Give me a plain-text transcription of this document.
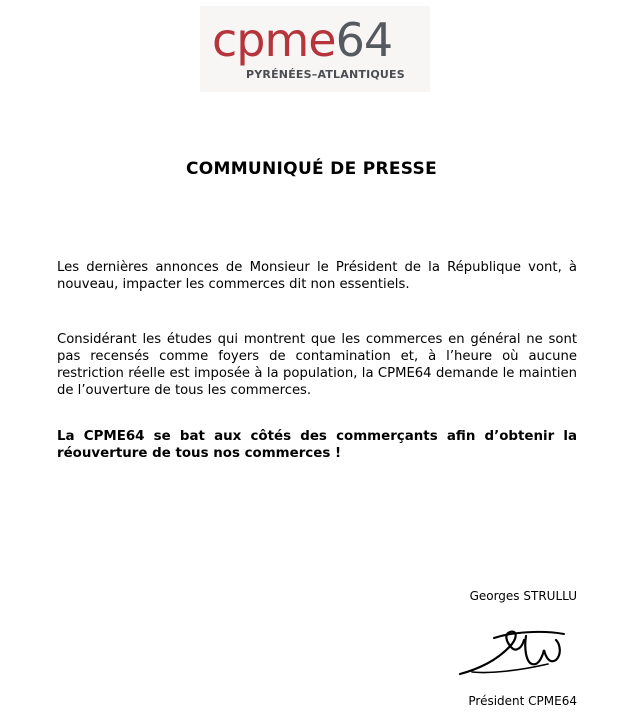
cpme64
PYRÉNÉES–ATLANTIQUES
COMMUNIQUÉ DE PRESSE
Les dernières annonces de Monsieur le Président de la République vont, à nouveau, impacter les commerces dit non essentiels.
Considérant les études qui montrent que les commerces en général ne sont pas recensés comme foyers de contamination et, à l’heure où aucune restriction réelle est imposée à la population, la CPME64 demande le maintien de l’ouverture de tous les commerces.
La CPME64 se bat aux côtés des commerçants afin d’obtenir la réouverture de tous nos commerces !
Georges STRULLU
Président CPME64
